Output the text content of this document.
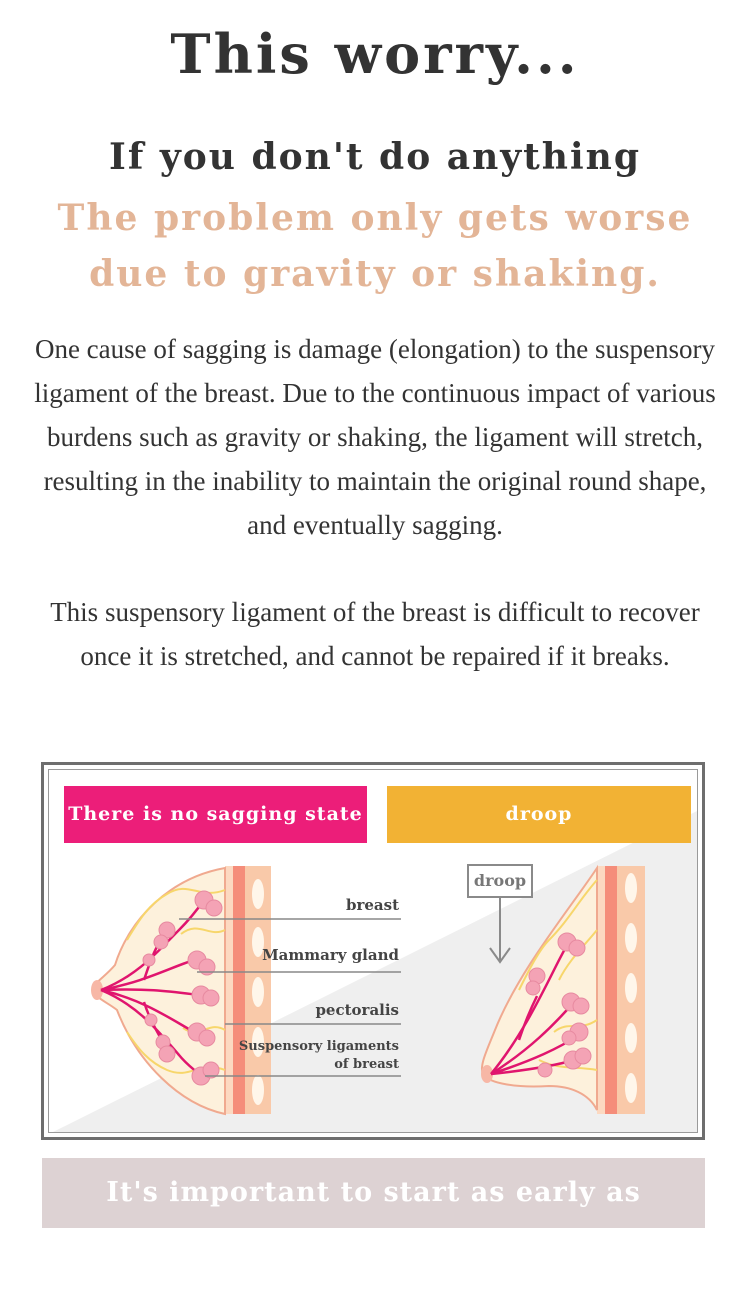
This worry...
If you don't do anything
The problem only gets worse due to gravity or shaking.
One cause of sagging is damage (elongation) to the suspensory ligament of the breast. Due to the continuous impact of various burdens such as gravity or shaking, the ligament will stretch, resulting in the inability to maintain the original round shape, and eventually sagging.
This suspensory ligament of the breast is difficult to recover once it is stretched, and cannot be repaired if it breaks.
There is no sagging state	droop
breast
Mammary gland
pectoralis
Suspensory ligaments
of breast
droop
It's important to start as early as possible!
